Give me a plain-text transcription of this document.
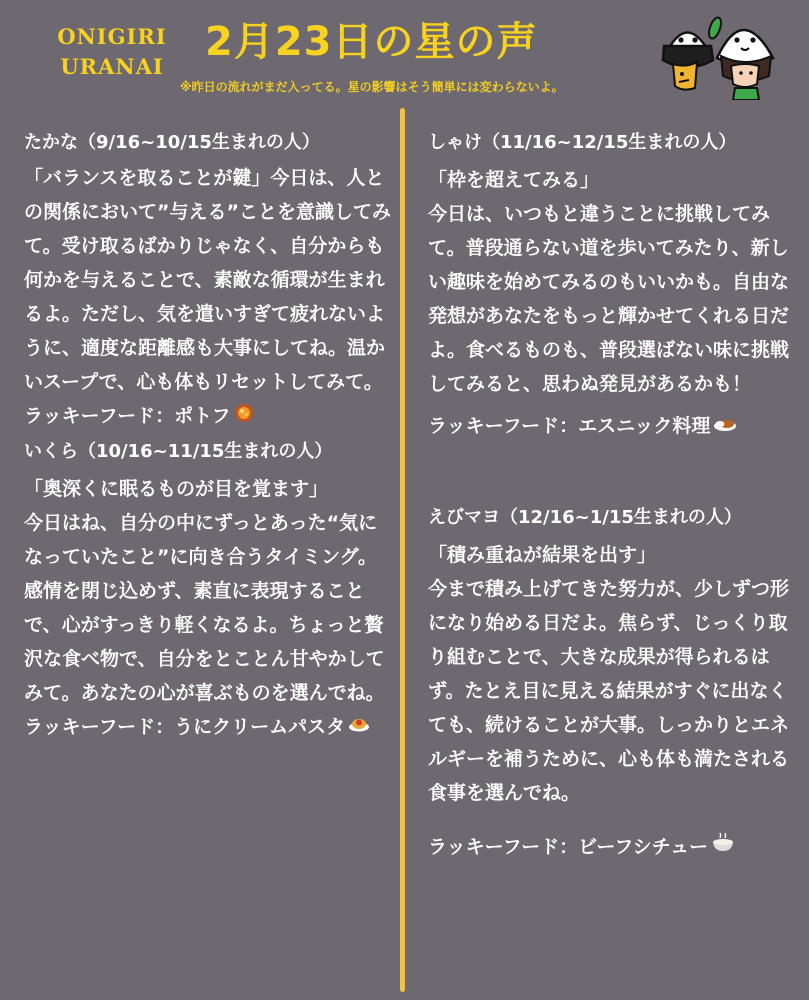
ONIGIRI
URANAI
2月23日の星の声
※昨日の流れがまだ入ってる。星の影響はそう簡単には変わらないよ。
たかな（9/16~10/15生まれの人）
「バランスを取ることが鍵」今日は、人との関係において”与える”ことを意識してみて。受け取るばかりじゃなく、自分からも何かを与えることで、素敵な循環が生まれるよ。ただし、気を遣いすぎて疲れないように、適度な距離感も大事にしてね。温かいスープで、心も体もリセットしてみて。ラッキーフード：ポトフ
いくら（10/16~11/15生まれの人）
「奥深くに眠るものが目を覚ます」
今日はね、自分の中にずっとあった“気になっていたこと”に向き合うタイミング。感情を閉じ込めず、素直に表現することで、心がすっきり軽くなるよ。ちょっと贅沢な食べ物で、自分をとことん甘やかしてみて。あなたの心が喜ぶものを選んでね。ラッキーフード：うにクリームパスタ
しゃけ（11/16~12/15生まれの人）
「枠を超えてみる」
今日は、いつもと違うことに挑戦してみて。普段通らない道を歩いてみたり、新しい趣味を始めてみるのもいいかも。自由な発想があなたをもっと輝かせてくれる日だよ。食べるものも、普段選ばない味に挑戦してみると、思わぬ発見があるかも！
ラッキーフード：エスニック料理
えびマヨ（12/16~1/15生まれの人）
「積み重ねが結果を出す」
今まで積み上げてきた努力が、少しずつ形になり始める日だよ。焦らず、じっくり取り組むことで、大きな成果が得られるはず。たとえ目に見える結果がすぐに出なくても、続けることが大事。しっかりとエネルギーを補うために、心も体も満たされる食事を選んでね。
ラッキーフード：ビーフシチュー
